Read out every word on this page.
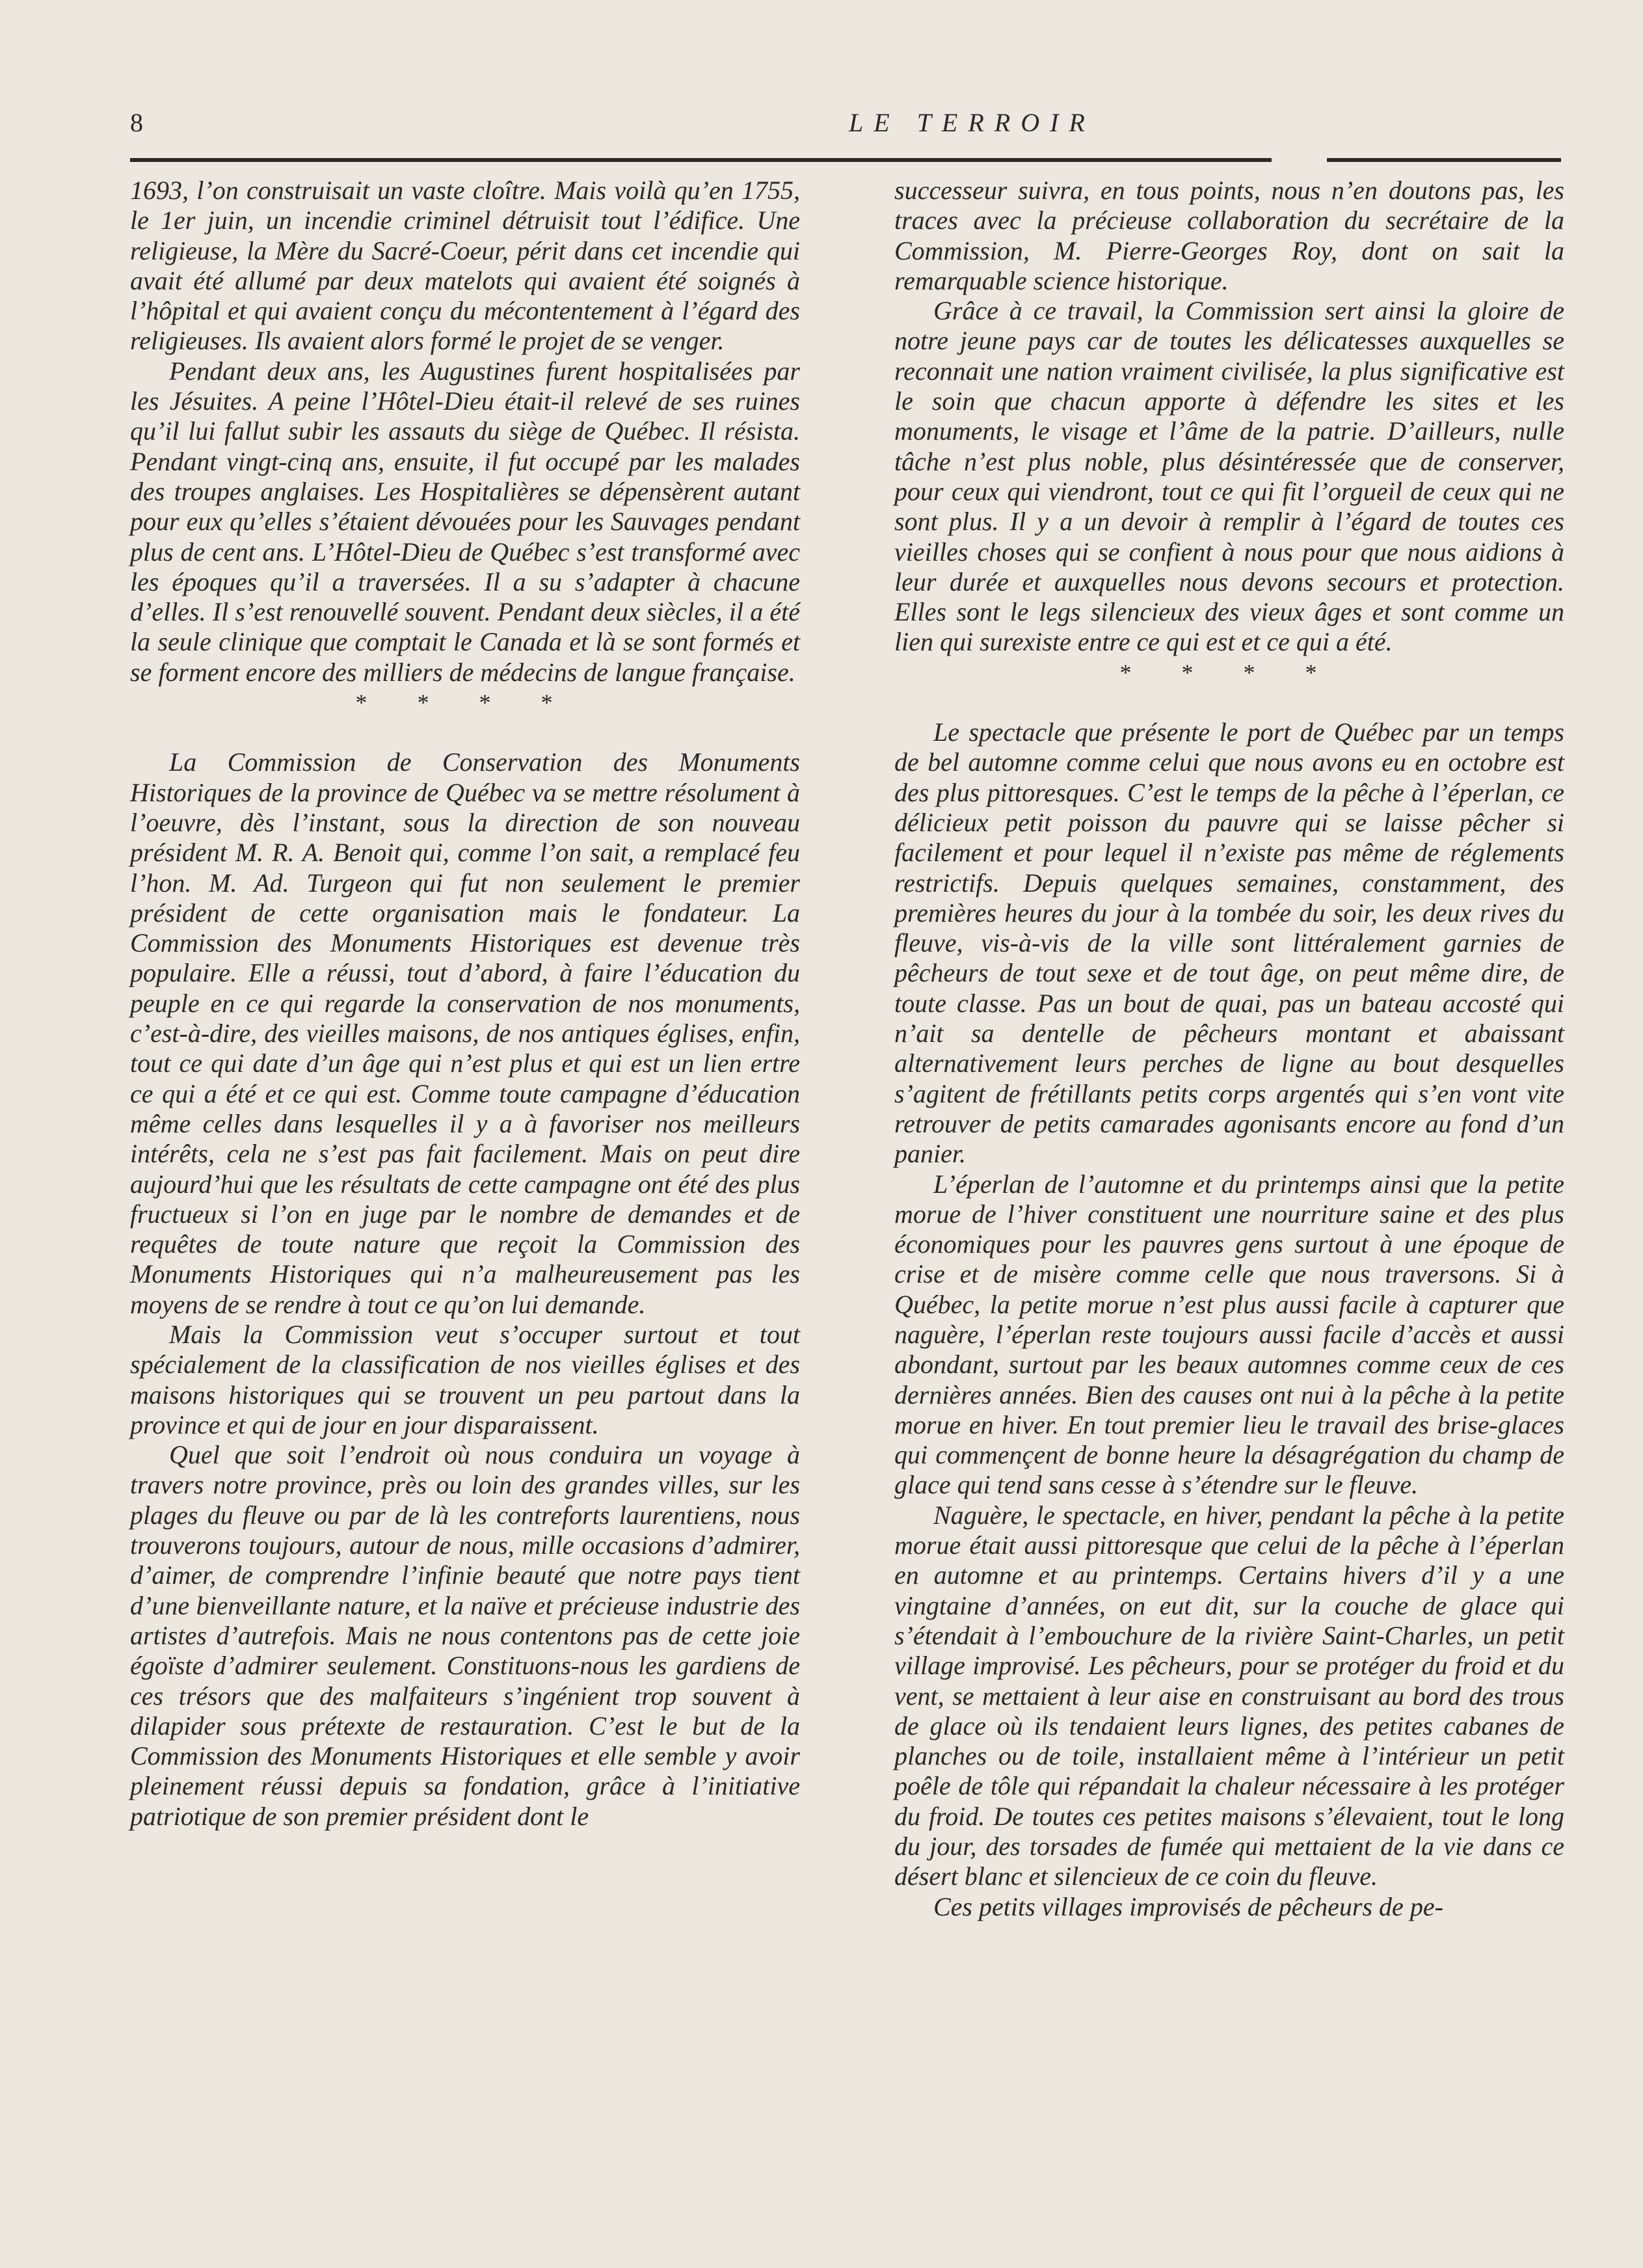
8	LE TERROIR

1693, l’on construisait un vaste cloître. Mais voilà qu’en 1755, le 1er juin, un incendie criminel détruisit tout l’édifice. Une religieuse, la Mère du Sacré-Coeur, périt dans cet incendie qui avait été allumé par deux matelots qui avaient été soignés à l’hôpital et qui avaient conçu du mécontentement à l’égard des religieuses. Ils avaient alors formé le projet de se venger.

Pendant deux ans, les Augustines furent hospitalisées par les Jésuites. A peine l’Hôtel-Dieu était-il relevé de ses ruines qu’il lui fallut subir les assauts du siège de Québec. Il résista. Pendant vingt-cinq ans, ensuite, il fut occupé par les malades des troupes anglaises. Les Hospitalières se dépensèrent autant pour eux qu’elles s’étaient dévouées pour les Sauvages pendant plus de cent ans. L’Hôtel-Dieu de Québec s’est transformé avec les époques qu’il a traversées. Il a su s’adapter à chacune d’elles. Il s’est renouvellé souvent. Pendant deux siècles, il a été la seule clinique que comptait le Canada et là se sont formés et se forment encore des milliers de médecins de langue française.

* * * *

La Commission de Conservation des Monuments Historiques de la province de Québec va se mettre résolument à l’oeuvre, dès l’instant, sous la direction de son nouveau président M. R. A. Benoit qui, comme l’on sait, a remplacé feu l’hon. M. Ad. Turgeon qui fut non seulement le premier président de cette organisation mais le fondateur. La Commission des Monuments Historiques est devenue très populaire. Elle a réussi, tout d’abord, à faire l’éducation du peuple en ce qui regarde la conservation de nos monuments, c’est-à-dire, des vieilles maisons, de nos antiques églises, enfin, tout ce qui date d’un âge qui n’est plus et qui est un lien ertre ce qui a été et ce qui est. Comme toute campagne d’éducation même celles dans lesquelles il y a à favoriser nos meilleurs intérêts, cela ne s’est pas fait facilement. Mais on peut dire aujourd’hui que les résultats de cette campagne ont été des plus fructueux si l’on en juge par le nombre de demandes et de requêtes de toute nature que reçoit la Commission des Monuments Historiques qui n’a malheureusement pas les moyens de se rendre à tout ce qu’on lui demande.

Mais la Commission veut s’occuper surtout et tout spécialement de la classification de nos vieilles églises et des maisons historiques qui se trouvent un peu partout dans la province et qui de jour en jour disparaissent.

Quel que soit l’endroit où nous conduira un voyage à travers notre province, près ou loin des grandes villes, sur les plages du fleuve ou par de là les contreforts laurentiens, nous trouverons toujours, autour de nous, mille occasions d’admirer, d’aimer, de comprendre l’infinie beauté que notre pays tient d’une bienveillante nature, et la naïve et précieuse industrie des artistes d’autrefois. Mais ne nous contentons pas de cette joie égoïste d’admirer seulement. Constituons-nous les gardiens de ces trésors que des malfaiteurs s’ingénient trop souvent à dilapider sous prétexte de restauration. C’est le but de la Commission des Monuments Historiques et elle semble y avoir pleinement réussi depuis sa fondation, grâce à l’initiative patriotique de son premier président dont le

successeur suivra, en tous points, nous n’en doutons pas, les traces avec la précieuse collaboration du secrétaire de la Commission, M. Pierre-Georges Roy, dont on sait la remarquable science historique.

Grâce à ce travail, la Commission sert ainsi la gloire de notre jeune pays car de toutes les délicatesses auxquelles se reconnait une nation vraiment civilisée, la plus significative est le soin que chacun apporte à défendre les sites et les monuments, le visage et l’âme de la patrie. D’ailleurs, nulle tâche n’est plus noble, plus désintéressée que de conserver, pour ceux qui viendront, tout ce qui fit l’orgueil de ceux qui ne sont plus. Il y a un devoir à remplir à l’égard de toutes ces vieilles choses qui se confient à nous pour que nous aidions à leur durée et auxquelles nous devons secours et protection. Elles sont le legs silencieux des vieux âges et sont comme un lien qui surexiste entre ce qui est et ce qui a été.

* * * *

Le spectacle que présente le port de Québec par un temps de bel automne comme celui que nous avons eu en octobre est des plus pittoresques. C’est le temps de la pêche à l’éperlan, ce délicieux petit poisson du pauvre qui se laisse pêcher si facilement et pour lequel il n’existe pas même de réglements restrictifs. Depuis quelques semaines, constamment, des premières heures du jour à la tombée du soir, les deux rives du fleuve, vis-à-vis de la ville sont littéralement garnies de pêcheurs de tout sexe et de tout âge, on peut même dire, de toute classe. Pas un bout de quai, pas un bateau accosté qui n’ait sa dentelle de pêcheurs montant et abaissant alternativement leurs perches de ligne au bout desquelles s’agitent de frétillants petits corps argentés qui s’en vont vite retrouver de petits camarades agonisants encore au fond d’un panier.

L’éperlan de l’automne et du printemps ainsi que la petite morue de l’hiver constituent une nourriture saine et des plus économiques pour les pauvres gens surtout à une époque de crise et de misère comme celle que nous traversons. Si à Québec, la petite morue n’est plus aussi facile à capturer que naguère, l’éperlan reste toujours aussi facile d’accès et aussi abondant, surtout par les beaux automnes comme ceux de ces dernières années. Bien des causes ont nui à la pêche à la petite morue en hiver. En tout premier lieu le travail des brise-glaces qui commençent de bonne heure la désagrégation du champ de glace qui tend sans cesse à s’étendre sur le fleuve.

Naguère, le spectacle, en hiver, pendant la pêche à la petite morue était aussi pittoresque que celui de la pêche à l’éperlan en automne et au printemps. Certains hivers d’il y a une vingtaine d’années, on eut dit, sur la couche de glace qui s’étendait à l’embouchure de la rivière Saint-Charles, un petit village improvisé. Les pêcheurs, pour se protéger du froid et du vent, se mettaient à leur aise en construisant au bord des trous de glace où ils tendaient leurs lignes, des petites cabanes de planches ou de toile, installaient même à l’intérieur un petit poêle de tôle qui répandait la chaleur nécessaire à les protéger du froid. De toutes ces petites maisons s’élevaient, tout le long du jour, des torsades de fumée qui mettaient de la vie dans ce désert blanc et silencieux de ce coin du fleuve.

Ces petits villages improvisés de pêcheurs de pe-
